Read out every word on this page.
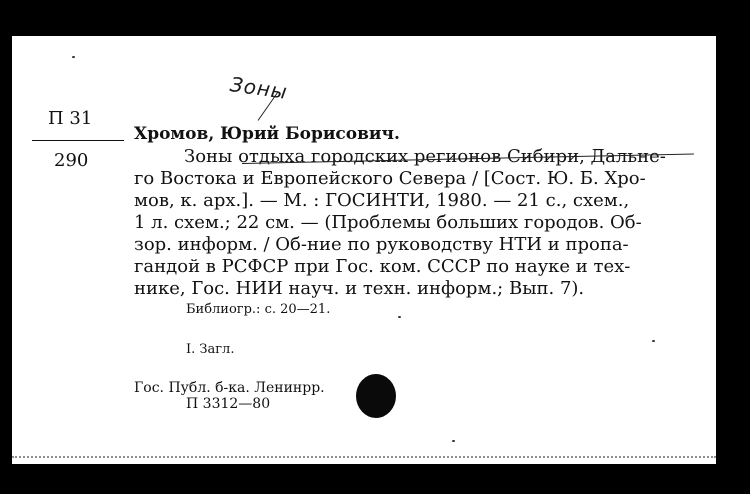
Зоны
П 31
290
Хромов, Юрий Борисович.
Зоны отдыха городских регионов Сибири, Дальне-
го Востока и Европейского Севера / [Сост. Ю. Б. Хро-
мов, к. арх.]. — М. : ГОСИНТИ, 1980. — 21 с., схем.,
1 л. схем.; 22 см. — (Проблемы больших городов. Об-
зор. информ. / Об-ние по руководству НТИ и пропа-
гандой в РСФСР при Гос. ком. СССР по науке и тех-
нике, Гос. НИИ науч. и техн. информ.; Вып. 7).
Библиогр.: с. 20—21.
I. Загл.
Гос. Публ. б-ка. Ленинрр.
П 3312—80
